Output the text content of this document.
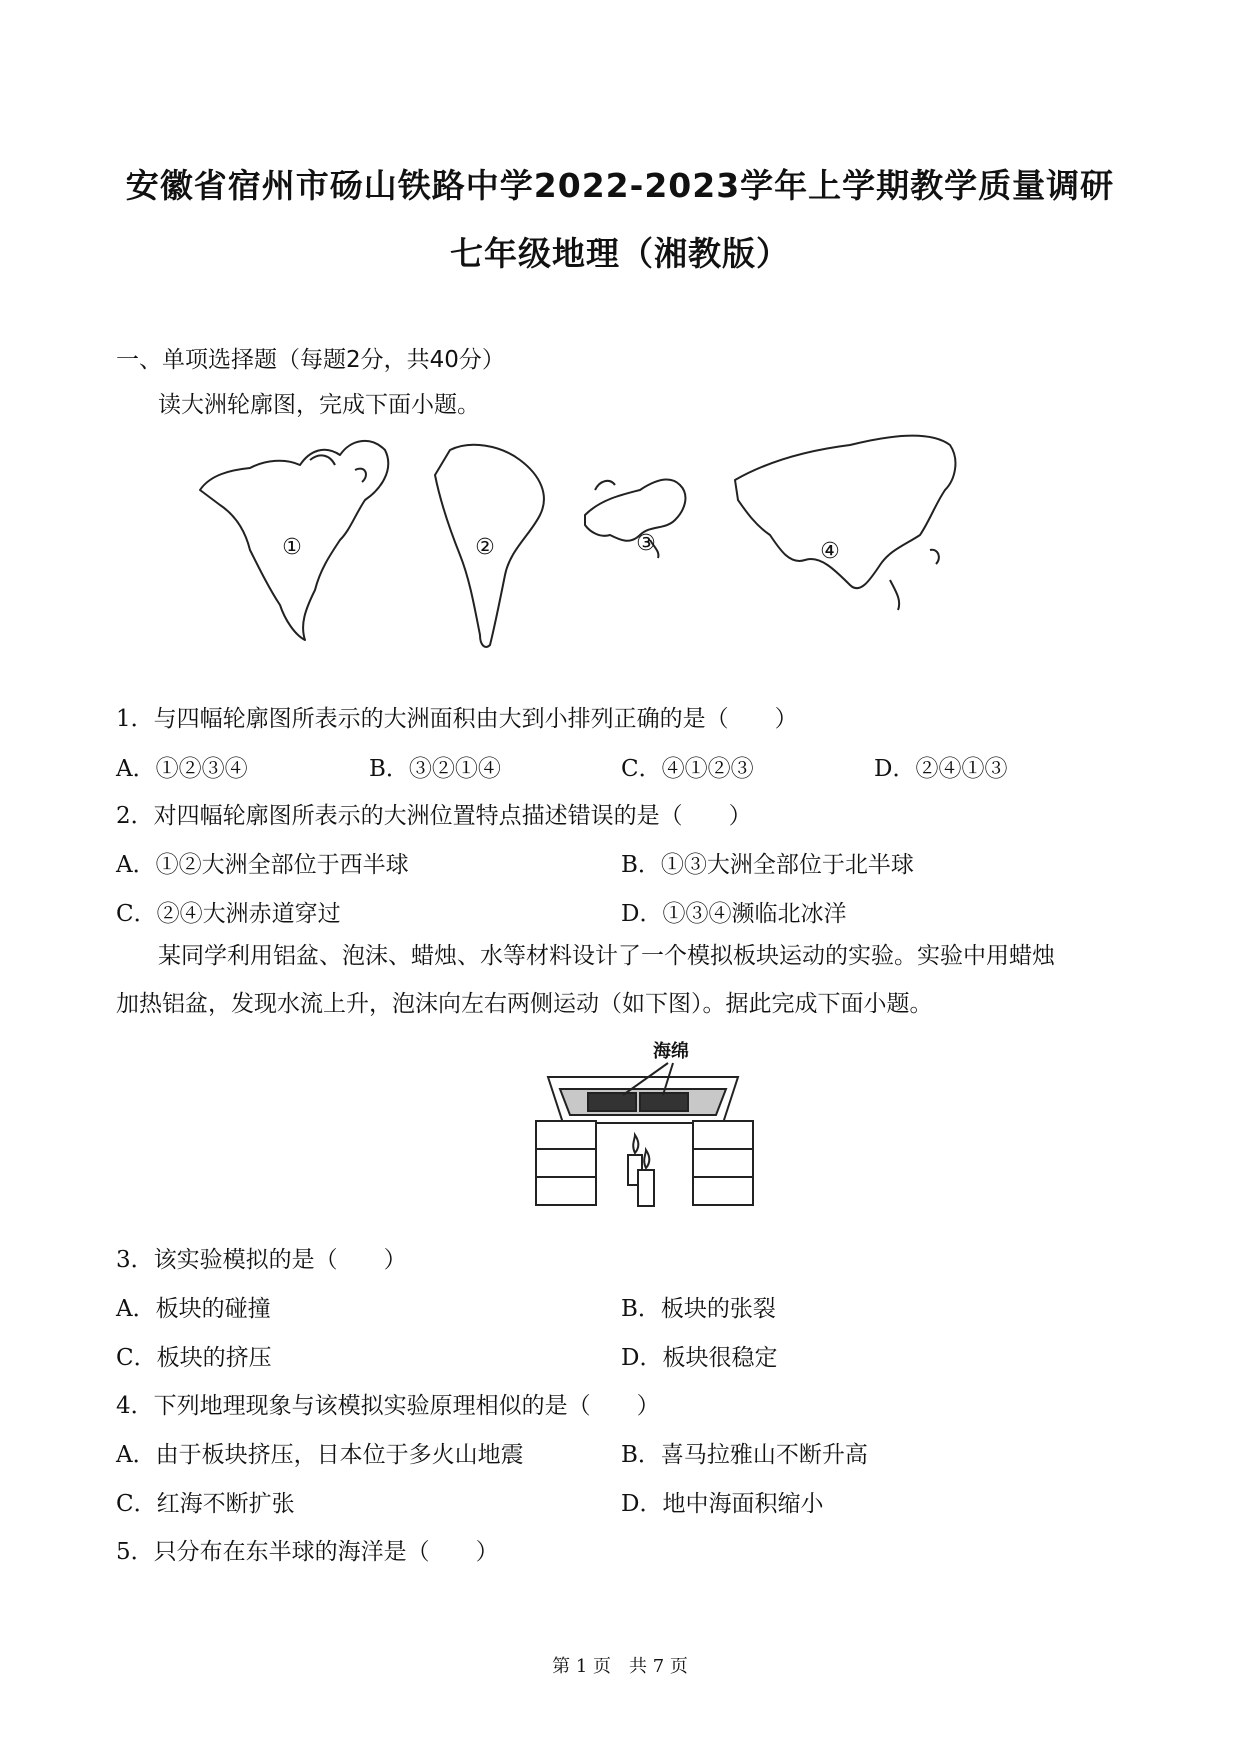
安徽省宿州市砀山铁路中学2022-2023学年上学期教学质量调研
七年级地理（湘教版）
一、单项选择题（每题2分，共40分）
读大洲轮廓图，完成下面小题。
①	②	③	④
1．与四幅轮廓图所表示的大洲面积由大到小排列正确的是（　　）
A．①②③④	B．③②①④	C．④①②③	D．②④①③
2．对四幅轮廓图所表示的大洲位置特点描述错误的是（　　）
A．①②大洲全部位于西半球	B．①③大洲全部位于北半球
C．②④大洲赤道穿过	D．①③④濒临北冰洋
某同学利用铝盆、泡沫、蜡烛、水等材料设计了一个模拟板块运动的实验。实验中用蜡烛
加热铝盆，发现水流上升，泡沫向左右两侧运动（如下图）。据此完成下面小题。
海绵
3．该实验模拟的是（　　）
A．板块的碰撞	B．板块的张裂
C．板块的挤压	D．板块很稳定
4．下列地理现象与该模拟实验原理相似的是（　　）
A．由于板块挤压，日本位于多火山地震	B．喜马拉雅山不断升高
C．红海不断扩张	D．地中海面积缩小
5．只分布在东半球的海洋是（　　）
第 1 页　共 7 页
